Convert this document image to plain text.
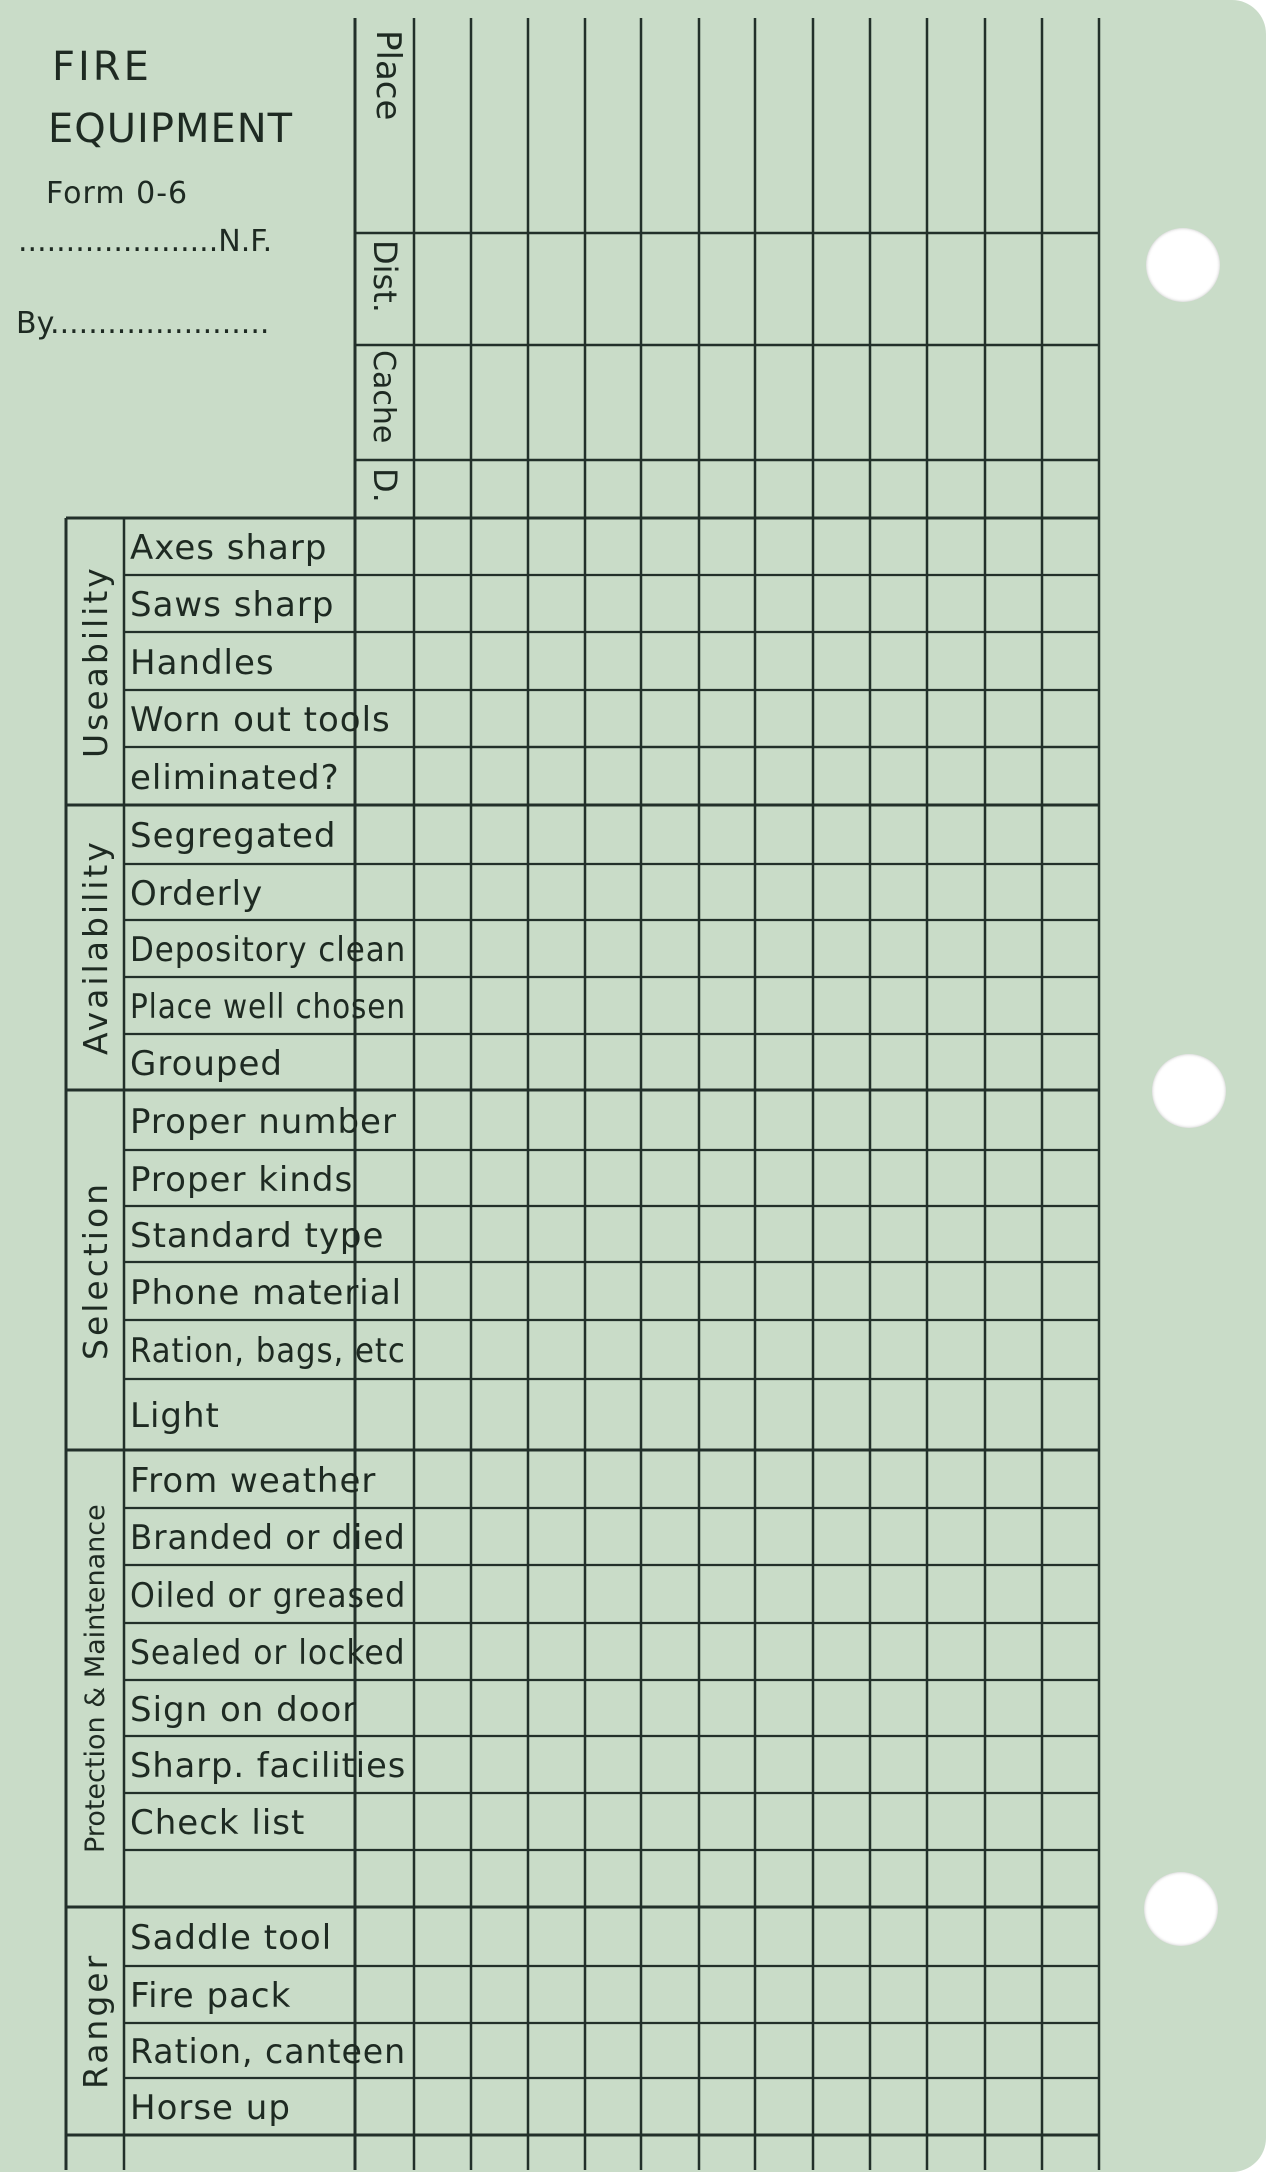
FIRE
EQUIPMENT
Form 0-6
.....................N.F.
By.......................
Place
Dist.
Cache
D.
Axes sharp
Saws sharp
Handles
Worn out tools
eliminated?
Useability
Segregated
Orderly
Depository clean
Place well chosen
Grouped
Availability
Proper number
Proper kinds
Standard type
Phone material
Ration, bags, etc
Light
Selection
From weather
Branded or died
Oiled or greased
Sealed or locked
Sign on door
Sharp. facilities
Check list
Protection & Maintenance
Saddle tool
Fire pack
Ration, canteen
Horse up
Ranger
